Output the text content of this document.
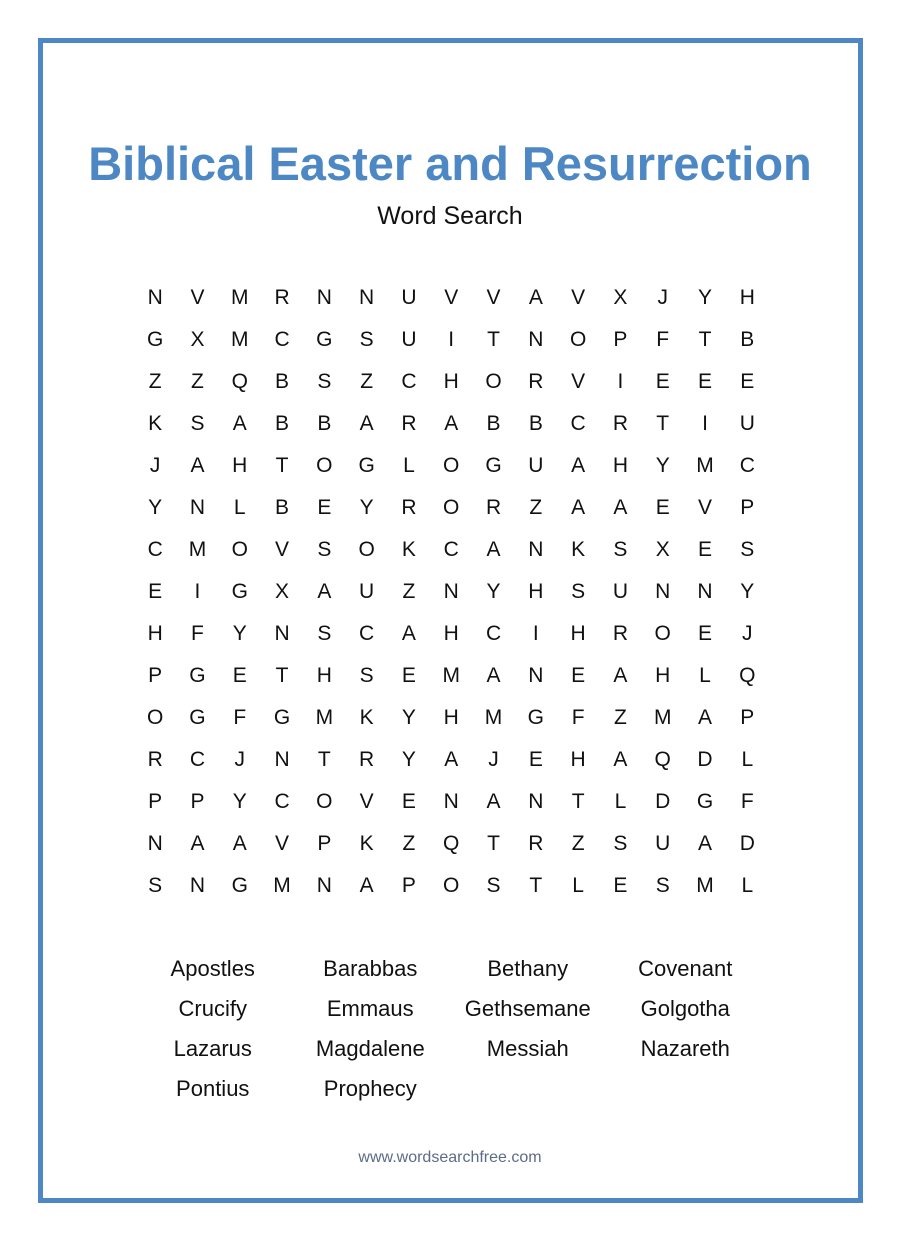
Biblical Easter and Resurrection
Word Search
N	V	M	R	N	N	U	V	V	A	V	X	J	Y	H
G	X	M	C	G	S	U	I	T	N	O	P	F	T	B
Z	Z	Q	B	S	Z	C	H	O	R	V	I	E	E	E
K	S	A	B	B	A	R	A	B	B	C	R	T	I	U
J	A	H	T	O	G	L	O	G	U	A	H	Y	M	C
Y	N	L	B	E	Y	R	O	R	Z	A	A	E	V	P
C	M	O	V	S	O	K	C	A	N	K	S	X	E	S
E	I	G	X	A	U	Z	N	Y	H	S	U	N	N	Y
H	F	Y	N	S	C	A	H	C	I	H	R	O	E	J
P	G	E	T	H	S	E	M	A	N	E	A	H	L	Q
O	G	F	G	M	K	Y	H	M	G	F	Z	M	A	P
R	C	J	N	T	R	Y	A	J	E	H	A	Q	D	L
P	P	Y	C	O	V	E	N	A	N	T	L	D	G	F
N	A	A	V	P	K	Z	Q	T	R	Z	S	U	A	D
S	N	G	M	N	A	P	O	S	T	L	E	S	M	L
Apostles	Barabbas	Bethany	Covenant
Crucify	Emmaus	Gethsemane	Golgotha
Lazarus	Magdalene	Messiah	Nazareth
Pontius	Prophecy
www.wordsearchfree.com
